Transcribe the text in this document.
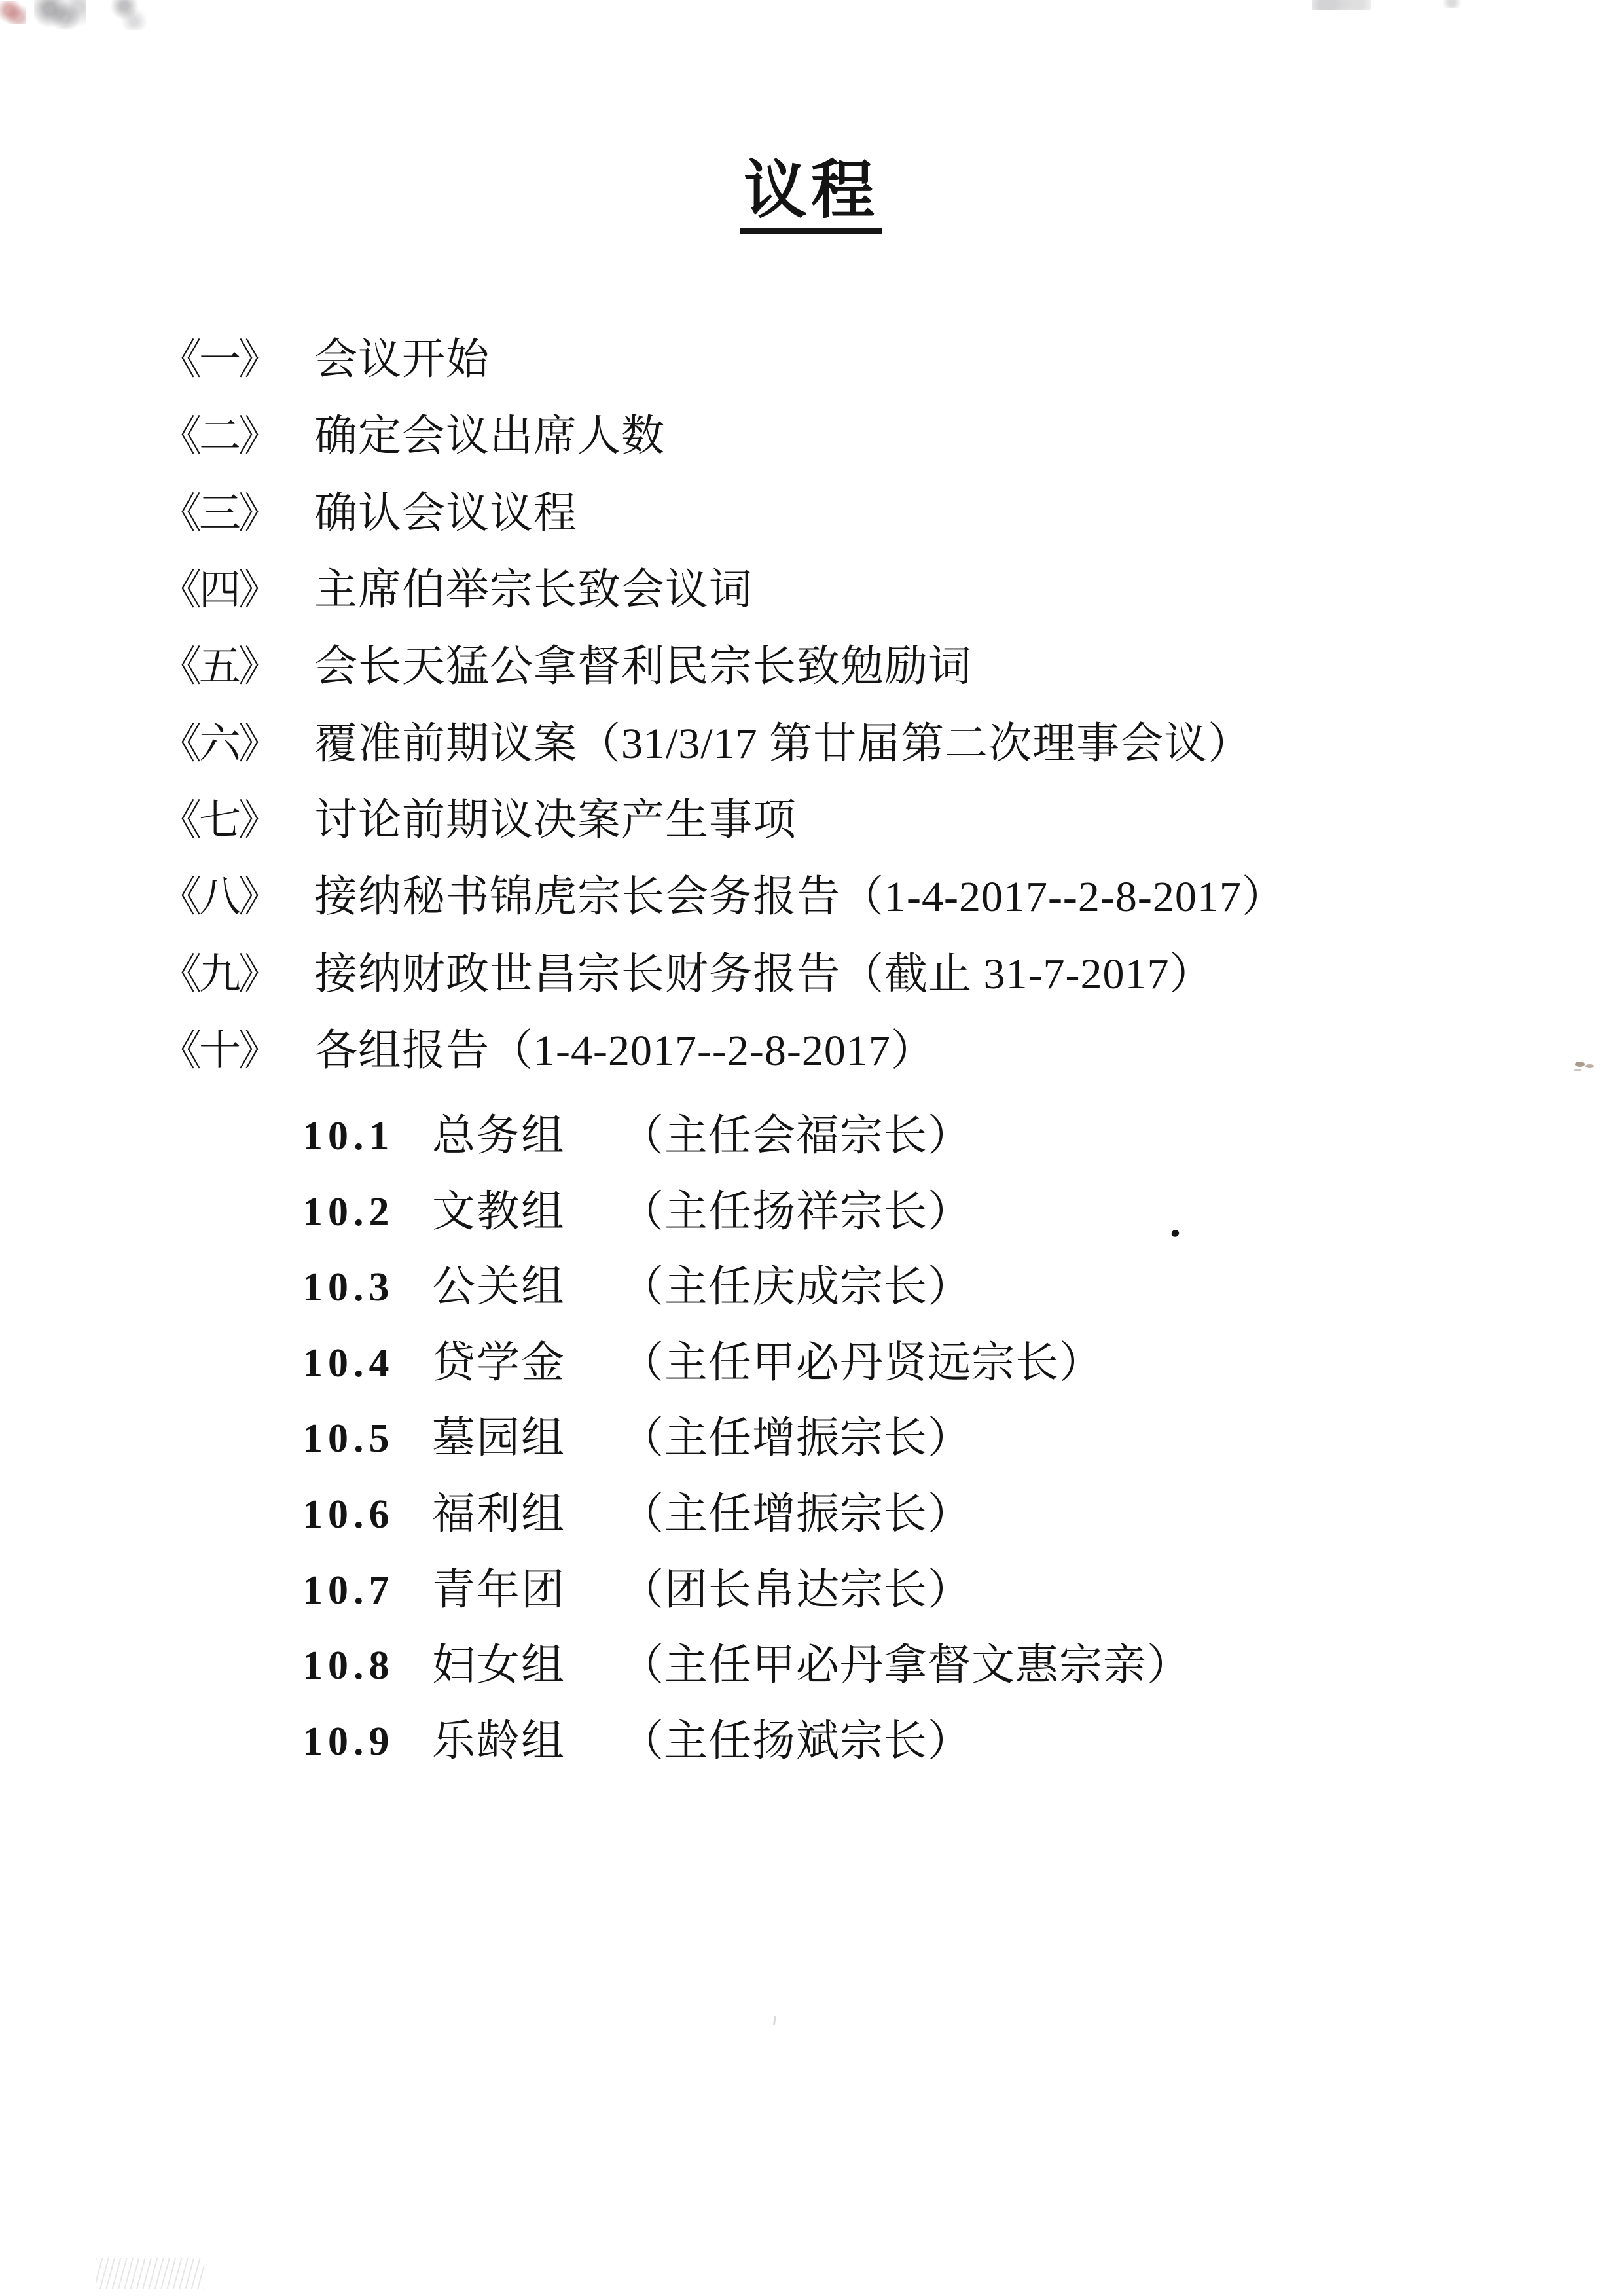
议程
《一》 会议开始
《二》 确定会议出席人数
《三》 确认会议议程
《四》 主席伯举宗长致会议词
《五》 会长天猛公拿督利民宗长致勉励词
《六》 覆准前期议案（31/3/17 第廿届第二次理事会议）
《七》 讨论前期议决案产生事项
《八》 接纳秘书锦虎宗长会务报告（1-4-2017--2-8-2017）
《九》 接纳财政世昌宗长财务报告（截止 31-7-2017）
《十》 各组报告（1-4-2017--2-8-2017）
10.1 总务组 （主任会福宗长）
10.2 文教组 （主任扬祥宗长）
10.3 公关组 （主任庆成宗长）
10.4 贷学金 （主任甲必丹贤远宗长）
10.5 墓园组 （主任增振宗长）
10.6 福利组 （主任增振宗长）
10.7 青年团 （团长帛达宗长）
10.8 妇女组 （主任甲必丹拿督文惠宗亲）
10.9 乐龄组 （主任扬斌宗长）
